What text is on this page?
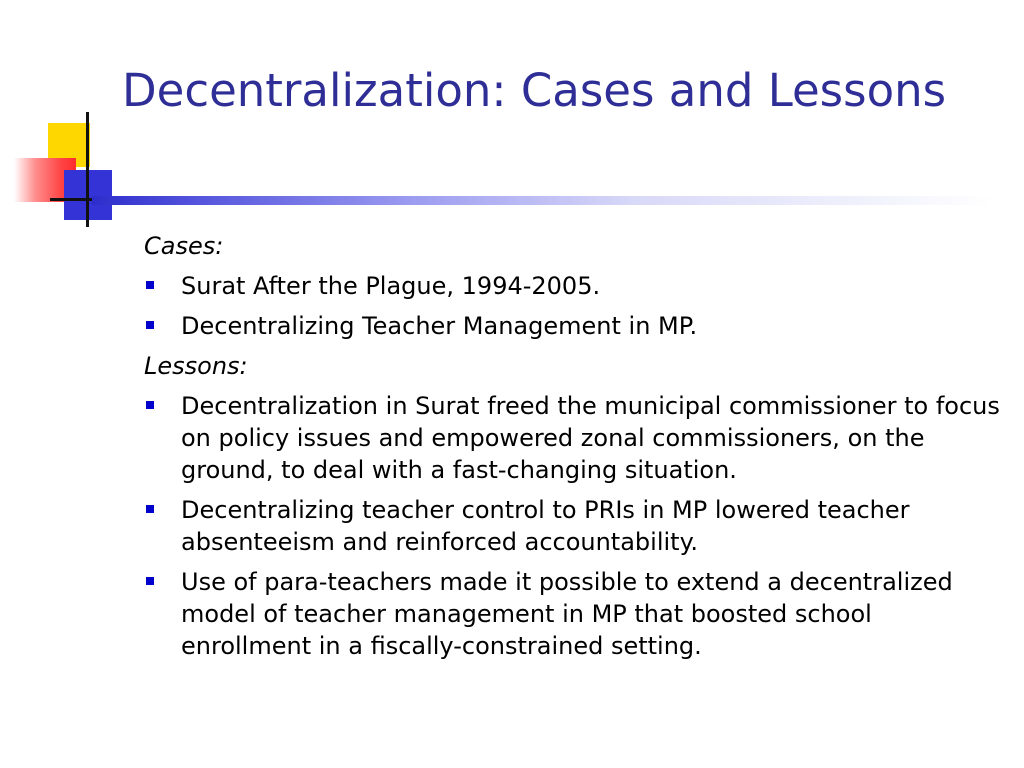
Decentralization: Cases and Lessons
Cases:
Surat After the Plague, 1994-2005.
Decentralizing Teacher Management in MP.
Lessons:
Decentralization in Surat freed the municipal commissioner to focus on policy issues and empowered zonal commissioners, on the ground, to deal with a fast-changing situation.
Decentralizing teacher control to PRIs in MP lowered teacher absenteeism and reinforced accountability.
Use of para-teachers made it possible to extend a decentralized model of teacher management in MP that boosted school enrollment in a fiscally-constrained setting.
